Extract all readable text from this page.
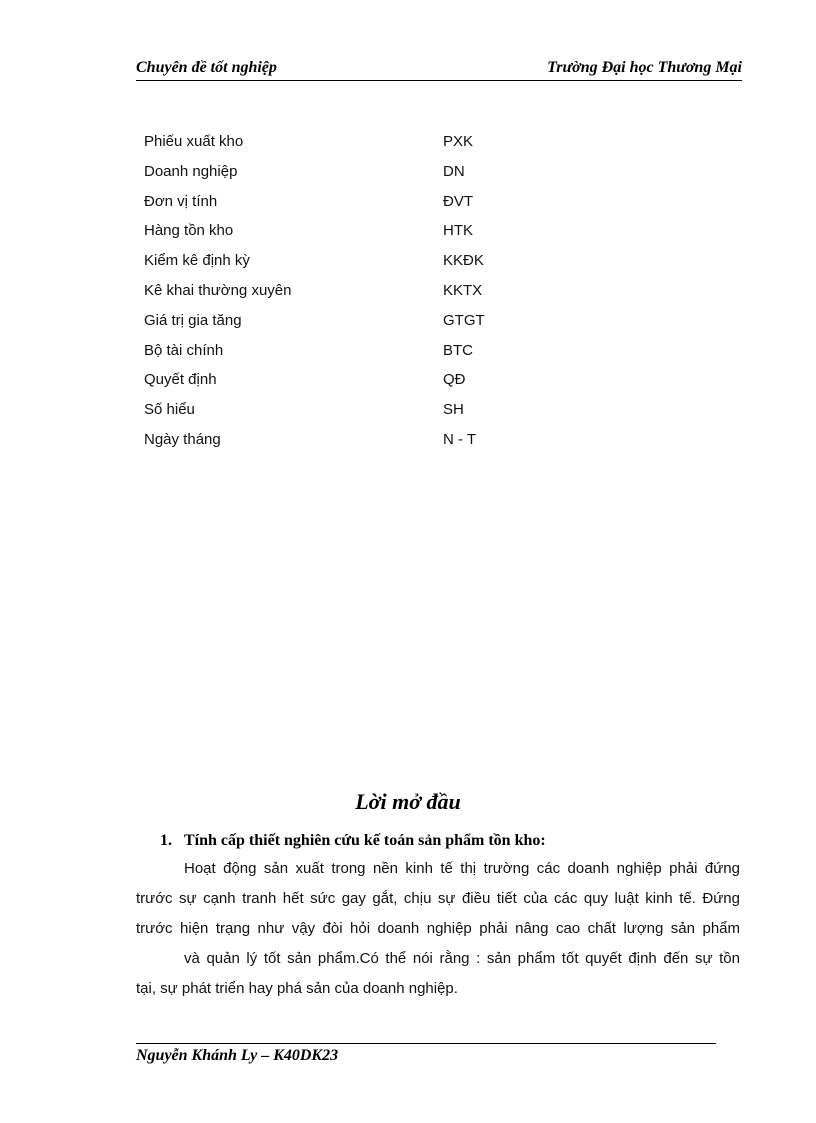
Chuyên đề tốt nghiệp	Trường Đại học Thương Mại
Phiếu xuất kho	PXK
Doanh nghiệp	DN
Đơn vị tính	ĐVT
Hàng tồn kho	HTK
Kiểm kê định kỳ	KKĐK
Kê khai thường xuyên	KKTX
Giá trị gia tăng	GTGT
Bộ tài chính	BTC
Quyết định	QĐ
Số hiểu	SH
Ngày tháng	N - T
Lời mở đầu
1. Tính cấp thiết nghiên cứu kế toán sản phẩm tồn kho:
Hoạt động sản xuất trong nền kinh tế thị trường các doanh nghiệp phải đứng
trước sự cạnh tranh hết sức gay gắt, chịu sự điều tiết của các quy luật kinh tế. Đứng
trước hiện trạng như vậy đòi hỏi doanh nghiệp phải nâng cao chất lượng sản phẩm
và quản lý tốt sản phẩm.Có thể nói rằng : sản phẩm tốt quyết định đến sự tồn
tại, sự phát triển hay phá sản của doanh nghiệp.
Nguyễn Khánh Ly – K40DK23
